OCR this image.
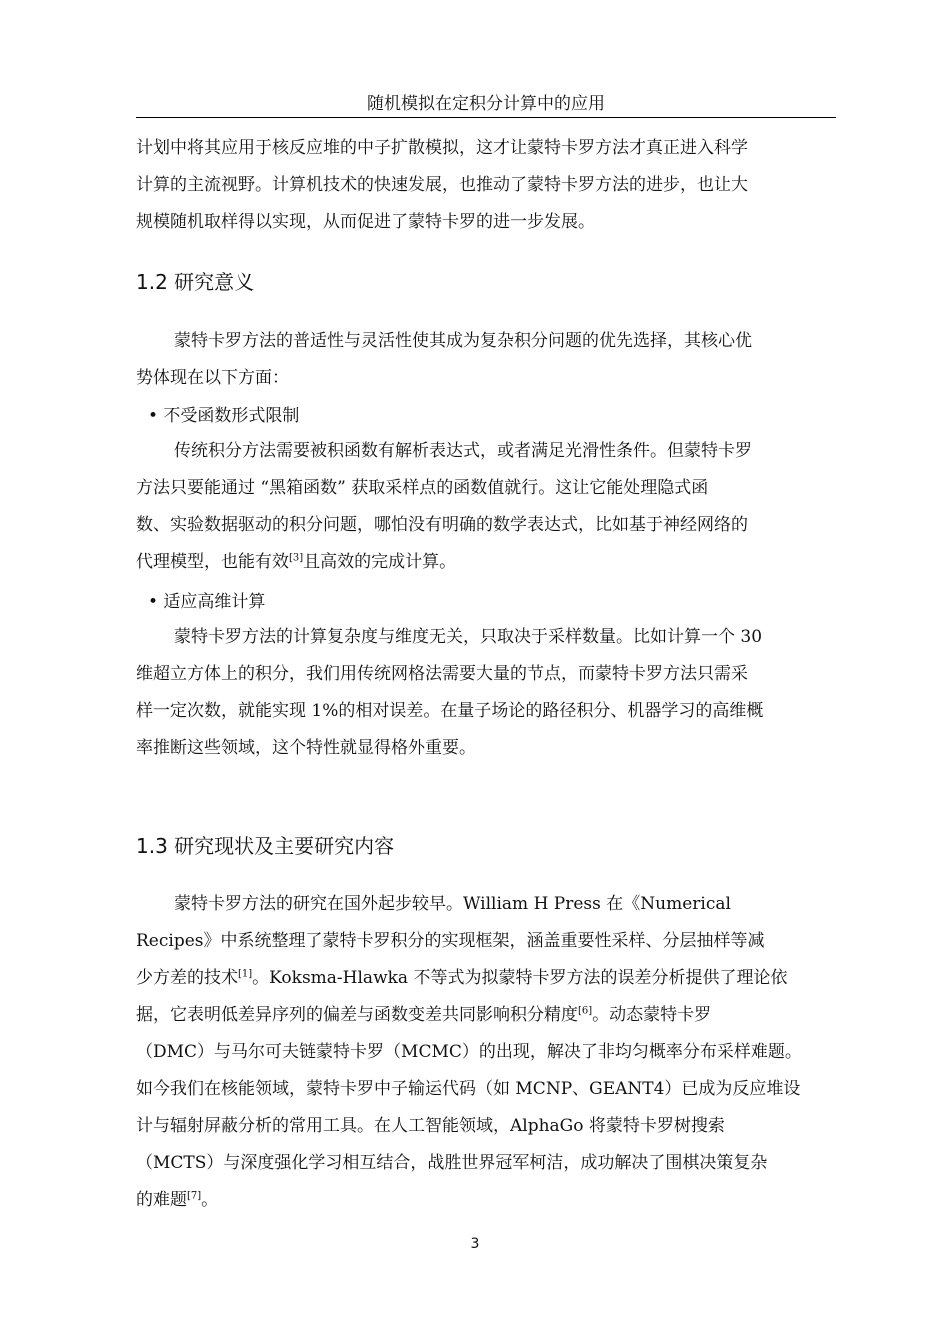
随机模拟在定积分计算中的应用
计划中将其应用于核反应堆的中子扩散模拟，这才让蒙特卡罗方法才真正进入科学
计算的主流视野。计算机技术的快速发展，也推动了蒙特卡罗方法的进步，也让大
规模随机取样得以实现，从而促进了蒙特卡罗的进一步发展。
1.2 研究意义
蒙特卡罗方法的普适性与灵活性使其成为复杂积分问题的优先选择，其核心优
势体现在以下方面：
• 不受函数形式限制
传统积分方法需要被积函数有解析表达式，或者满足光滑性条件。但蒙特卡罗
方法只要能通过 “黑箱函数” 获取采样点的函数值就行。这让它能处理隐式函
数、实验数据驱动的积分问题，哪怕没有明确的数学表达式，比如基于神经网络的
代理模型，也能有效[3]且高效的完成计算。
• 适应高维计算
蒙特卡罗方法的计算复杂度与维度无关，只取决于采样数量。比如计算一个 30
维超立方体上的积分，我们用传统网格法需要大量的节点，而蒙特卡罗方法只需采
样一定次数，就能实现 1%的相对误差。在量子场论的路径积分、机器学习的高维概
率推断这些领域，这个特性就显得格外重要。
1.3 研究现状及主要研究内容
蒙特卡罗方法的研究在国外起步较早。William H Press 在《Numerical
Recipes》中系统整理了蒙特卡罗积分的实现框架，涵盖重要性采样、分层抽样等减
少方差的技术[1]。Koksma-Hlawka 不等式为拟蒙特卡罗方法的误差分析提供了理论依
据，它表明低差异序列的偏差与函数变差共同影响积分精度[6]。动态蒙特卡罗
（DMC）与马尔可夫链蒙特卡罗（MCMC）的出现，解决了非均匀概率分布采样难题。
如今我们在核能领域，蒙特卡罗中子输运代码（如 MCNP、GEANT4）已成为反应堆设
计与辐射屏蔽分析的常用工具。在人工智能领域，AlphaGo 将蒙特卡罗树搜索
（MCTS）与深度强化学习相互结合，战胜世界冠军柯洁，成功解决了围棋决策复杂
的难题[7]。
3
